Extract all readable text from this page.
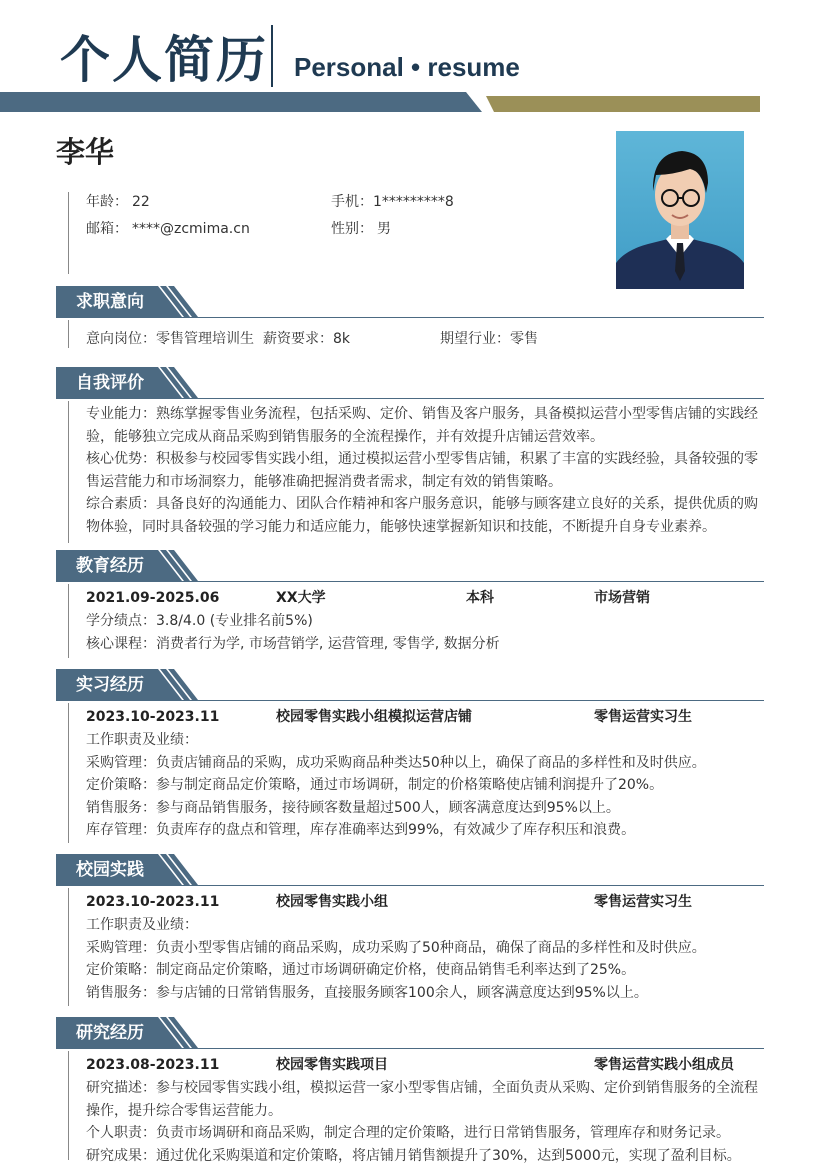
个人简历 Personal • resume
李华
年龄： 22	手机：1*********8
邮箱： ****@zcmima.cn	性别： 男
求职意向
意向岗位：零售管理培训生 薪资要求：8k	期望行业：零售
自我评价
专业能力：熟练掌握零售业务流程，包括采购、定价、销售及客户服务，具备模拟运营小型零售店铺的实践经验，能够独立完成从商品采购到销售服务的全流程操作，并有效提升店铺运营效率。
核心优势：积极参与校园零售实践小组，通过模拟运营小型零售店铺，积累了丰富的实践经验，具备较强的零售运营能力和市场洞察力，能够准确把握消费者需求，制定有效的销售策略。
综合素质：具备良好的沟通能力、团队合作精神和客户服务意识，能够与顾客建立良好的关系，提供优质的购物体验，同时具备较强的学习能力和适应能力，能够快速掌握新知识和技能，不断提升自身专业素养。
教育经历
2021.09-2025.06	XX大学	本科	市场营销
学分绩点：3.8/4.0 (专业排名前5%)
核心课程：消费者行为学, 市场营销学, 运营管理, 零售学, 数据分析
实习经历
2023.10-2023.11	校园零售实践小组模拟运营店铺	零售运营实习生
工作职责及业绩：
采购管理：负责店铺商品的采购，成功采购商品种类达50种以上，确保了商品的多样性和及时供应。
定价策略：参与制定商品定价策略，通过市场调研，制定的价格策略使店铺利润提升了20%。
销售服务：参与商品销售服务，接待顾客数量超过500人，顾客满意度达到95%以上。
库存管理：负责库存的盘点和管理，库存准确率达到99%，有效减少了库存积压和浪费。
校园实践
2023.10-2023.11	校园零售实践小组	零售运营实习生
工作职责及业绩：
采购管理：负责小型零售店铺的商品采购，成功采购了50种商品，确保了商品的多样性和及时供应。
定价策略：制定商品定价策略，通过市场调研确定价格，使商品销售毛利率达到了25%。
销售服务：参与店铺的日常销售服务，直接服务顾客100余人，顾客满意度达到95%以上。
研究经历
2023.08-2023.11	校园零售实践项目	零售运营实践小组成员
研究描述：参与校园零售实践小组，模拟运营一家小型零售店铺，全面负责从采购、定价到销售服务的全流程操作，提升综合零售运营能力。
个人职责：负责市场调研和商品采购，制定合理的定价策略，进行日常销售服务，管理库存和财务记录。
研究成果：通过优化采购渠道和定价策略，将店铺月销售额提升了30%，达到5000元，实现了盈利目标。
